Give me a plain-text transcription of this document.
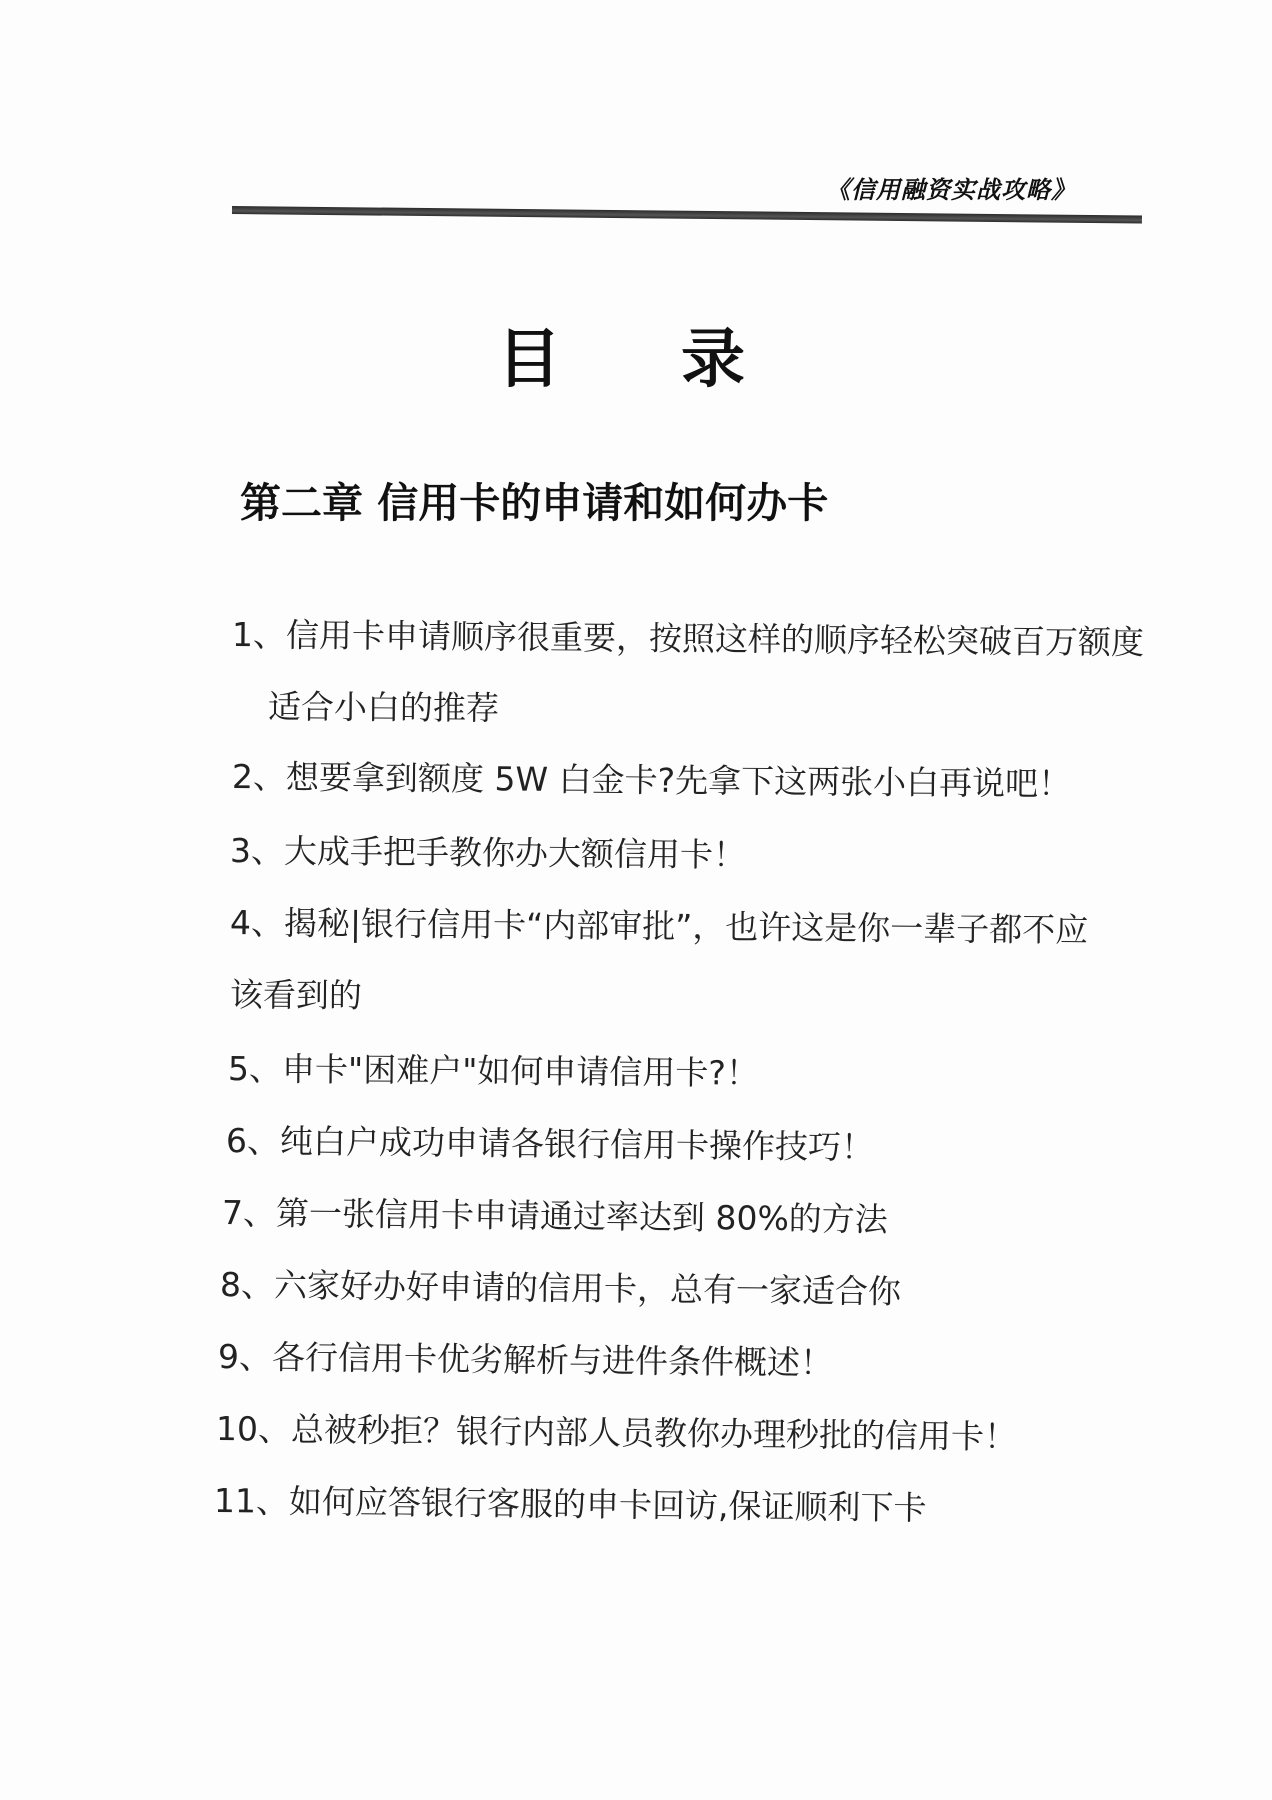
《信用融资实战攻略》
目录
第二章 信用卡的申请和如何办卡
1、信用卡申请顺序很重要，按照这样的顺序轻松突破百万额度
适合小白的推荐
2、想要拿到额度 5W 白金卡?先拿下这两张小白再说吧！
3、大成手把手教你办大额信用卡！
4、揭秘|银行信用卡“内部审批”，也许这是你一辈子都不应
该看到的
5、申卡"困难户"如何申请信用卡?！
6、纯白户成功申请各银行信用卡操作技巧！
7、第一张信用卡申请通过率达到 80%的方法
8、六家好办好申请的信用卡，总有一家适合你
9、各行信用卡优劣解析与进件条件概述！
10、总被秒拒？银行内部人员教你办理秒批的信用卡！
11、如何应答银行客服的申卡回访,保证顺利下卡
